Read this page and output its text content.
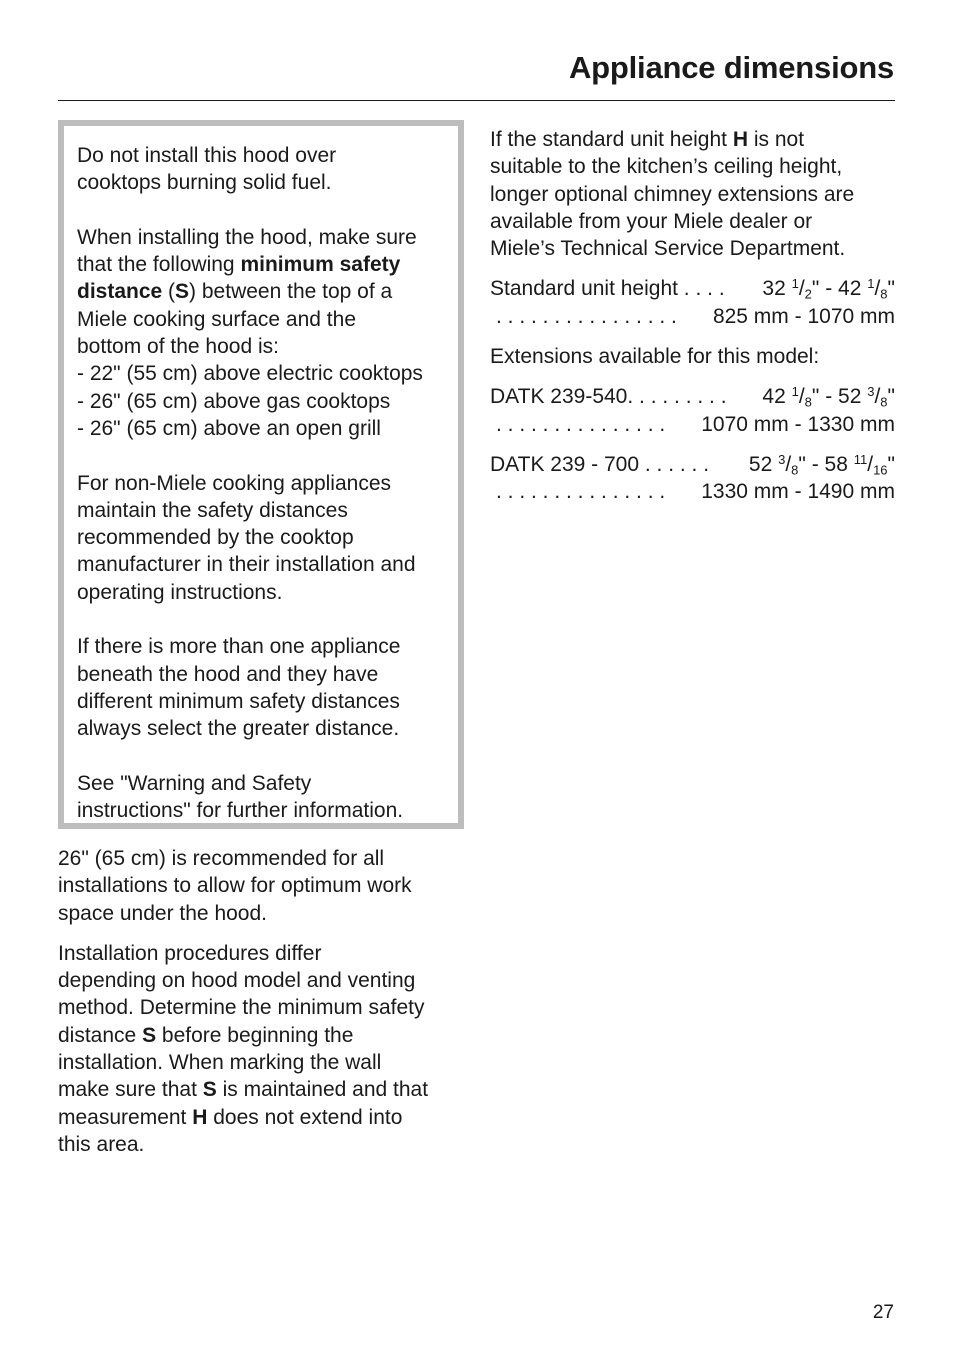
Appliance dimensions
Do not install this hood over
cooktops burning solid fuel.
When installing the hood, make sure
that the following minimum safety
distance (S) between the top of a
Miele cooking surface and the
bottom of the hood is:
- 22" (55 cm) above electric cooktops
- 26" (65 cm) above gas cooktops
- 26" (65 cm) above an open grill
For non-Miele cooking appliances
maintain the safety distances
recommended by the cooktop
manufacturer in their installation and
operating instructions.
If there is more than one appliance
beneath the hood and they have
different minimum safety distances
always select the greater distance.
See "Warning and Safety
instructions" for further information.
26" (65 cm) is recommended for all
installations to allow for optimum work
space under the hood.
Installation procedures differ
depending on hood model and venting
method. Determine the minimum safety
distance S before beginning the
installation. When marking the wall
make sure that S is maintained and that
measurement H does not extend into
this area.
If the standard unit height H is not
suitable to the kitchen’s ceiling height,
longer optional chimney extensions are
available from your Miele dealer or
Miele’s Technical Service Department.
Standard unit height . . . . 32 $^1/_2$" - 42 $^1/_8$"
. . . . . . . . . . . . . . . . 825 mm - 1070 mm
Extensions available for this model:
DATK 239-540. . . . . . . . . 42 $^1/_8$" - 52 $^3/_8$"
. . . . . . . . . . . . . . . 1070 mm - 1330 mm
DATK 239 - 700 . . . . . . 52 $^3/_8$" - 58 $^{11}/_{16}$"
. . . . . . . . . . . . . . . 1330 mm - 1490 mm
27
